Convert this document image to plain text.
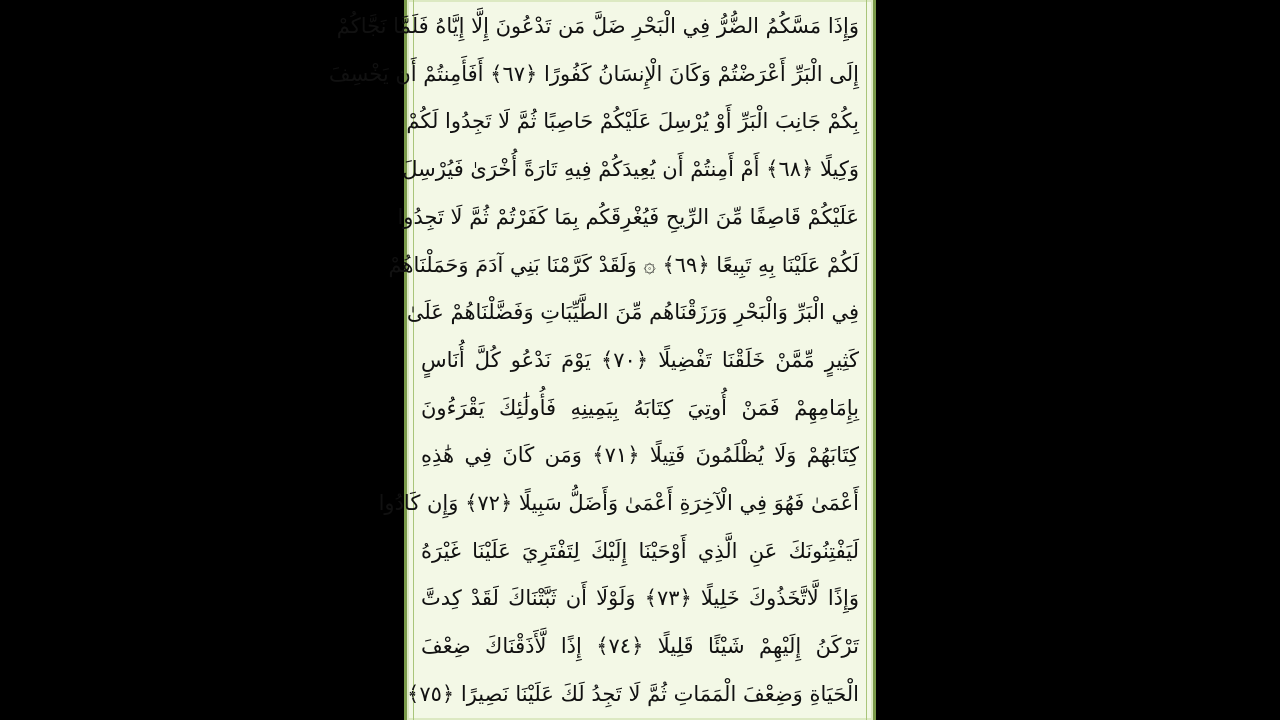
وَإِذَا مَسَّكُمُ الضُّرُّ فِي الْبَحْرِ ضَلَّ مَن تَدْعُونَ إِلَّا إِيَّاهُ فَلَمَّا نَجَّاكُمْ
إِلَى الْبَرِّ أَعْرَضْتُمْ وَكَانَ الْإِنسَانُ كَفُورًا ﴿٦٧﴾ أَفَأَمِنتُمْ أَن يَخْسِفَ
بِكُمْ جَانِبَ الْبَرِّ أَوْ يُرْسِلَ عَلَيْكُمْ حَاصِبًا ثُمَّ لَا تَجِدُوا لَكُمْ
وَكِيلًا ﴿٦٨﴾ أَمْ أَمِنتُمْ أَن يُعِيدَكُمْ فِيهِ تَارَةً أُخْرَىٰ فَيُرْسِلَ
عَلَيْكُمْ قَاصِفًا مِّنَ الرِّيحِ فَيُغْرِقَكُم بِمَا كَفَرْتُمْ ثُمَّ لَا تَجِدُوا
لَكُمْ عَلَيْنَا بِهِ تَبِيعًا ﴿٦٩﴾ ۞ وَلَقَدْ كَرَّمْنَا بَنِي آدَمَ وَحَمَلْنَاهُمْ
فِي الْبَرِّ وَالْبَحْرِ وَرَزَقْنَاهُم مِّنَ الطَّيِّبَاتِ وَفَضَّلْنَاهُمْ عَلَىٰ
كَثِيرٍ مِّمَّنْ خَلَقْنَا تَفْضِيلًا ﴿٧٠﴾ يَوْمَ نَدْعُو كُلَّ أُنَاسٍ
بِإِمَامِهِمْ فَمَنْ أُوتِيَ كِتَابَهُ بِيَمِينِهِ فَأُولَٰئِكَ يَقْرَءُونَ
كِتَابَهُمْ وَلَا يُظْلَمُونَ فَتِيلًا ﴿٧١﴾ وَمَن كَانَ فِي هَٰذِهِ
أَعْمَىٰ فَهُوَ فِي الْآخِرَةِ أَعْمَىٰ وَأَضَلُّ سَبِيلًا ﴿٧٢﴾ وَإِن كَادُوا
لَيَفْتِنُونَكَ عَنِ الَّذِي أَوْحَيْنَا إِلَيْكَ لِتَفْتَرِيَ عَلَيْنَا غَيْرَهُ
وَإِذًا لَّاتَّخَذُوكَ خَلِيلًا ﴿٧٣﴾ وَلَوْلَا أَن ثَبَّتْنَاكَ لَقَدْ كِدتَّ
تَرْكَنُ إِلَيْهِمْ شَيْئًا قَلِيلًا ﴿٧٤﴾ إِذًا لَّأَذَقْنَاكَ ضِعْفَ
الْحَيَاةِ وَضِعْفَ الْمَمَاتِ ثُمَّ لَا تَجِدُ لَكَ عَلَيْنَا نَصِيرًا ﴿٧٥﴾
